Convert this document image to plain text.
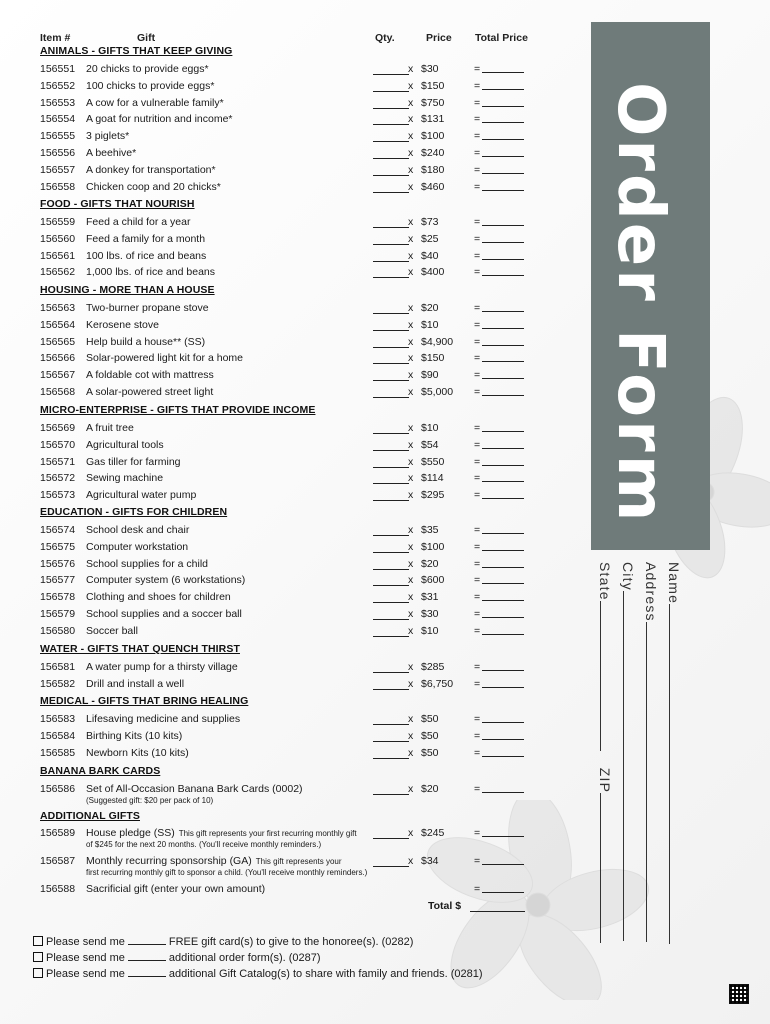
Item #	Gift	Qty.	Price Total Price
ANIMALS - GIFTS THAT KEEP GIVING
156551 20 chicks to provide eggs*	x $30	=
156552 100 chicks to provide eggs*	x $150	=
156553 A cow for a vulnerable family*	x $750	=
156554 A goat for nutrition and income*	x $131	=
156555 3 piglets*	x $100	=
156556 A beehive*	x $240	=
156557 A donkey for transportation*	x $180	=
156558 Chicken coop and 20 chicks*	x $460	=
FOOD - GIFTS THAT NOURISH
156559 Feed a child for a year	x $73	=
156560 Feed a family for a month	x $25	=
156561 100 lbs. of rice and beans	x $40	=
156562 1,000 lbs. of rice and beans	x $400	=
HOUSING - MORE THAN A HOUSE
156563 Two-burner propane stove	x $20	=
156564 Kerosene stove	x $10	=
156565 Help build a house** (SS)	x $4,900 =
156566 Solar-powered light kit for a home	x $150	=
156567 A foldable cot with mattress	x $90	=
156568 A solar-powered street light	x $5,000 =
MICRO-ENTERPRISE - GIFTS THAT PROVIDE INCOME
156569 A fruit tree	x $10	=
156570 Agricultural tools	x $54	=
156571 Gas tiller for farming	x $550	=
156572 Sewing machine	x $114	=
156573 Agricultural water pump	x $295	=
EDUCATION - GIFTS FOR CHILDREN
156574 School desk and chair	x $35	=
156575 Computer workstation	x $100	=
156576 School supplies for a child	x $20	=
156577 Computer system (6 workstations)	x $600	=
156578 Clothing and shoes for children	x $31	=
156579 School supplies and a soccer ball	x $30	=
156580 Soccer ball	x $10	=
WATER - GIFTS THAT QUENCH THIRST
156581 A water pump for a thirsty village	x $285	=
156582 Drill and install a well	x $6,750 =
MEDICAL - GIFTS THAT BRING HEALING
156583 Lifesaving medicine and supplies	x $50	=
156584 Birthing Kits (10 kits)	x $50	=
156585 Newborn Kits (10 kits)	x $50	=
BANANA BARK CARDS
156586 Set of All-Occasion Banana Bark Cards (0002)	x $20	=
(Suggested gift: $20 per pack of 10)
ADDITIONAL GIFTS
156589 House pledge (SS) This gift represents your first recurring monthly gift	x $245	=
of $245 for the next 20 months. (You'll receive monthly reminders.)
156587 Monthly recurring sponsorship (GA) This gift represents your	x $34	=
first recurring monthly gift to sponsor a child. (You'll receive monthly reminders.)
156588 Sacrificial gift (enter your own amount)	=
Total $
Order Form
Name
Address
City
State ZIP
Please send me	FREE gift card(s) to give to the honoree(s). (0282)
Please send me	additional order form(s). (0287)
Please send me	additional Gift Catalog(s) to share with family and friends. (0281)
